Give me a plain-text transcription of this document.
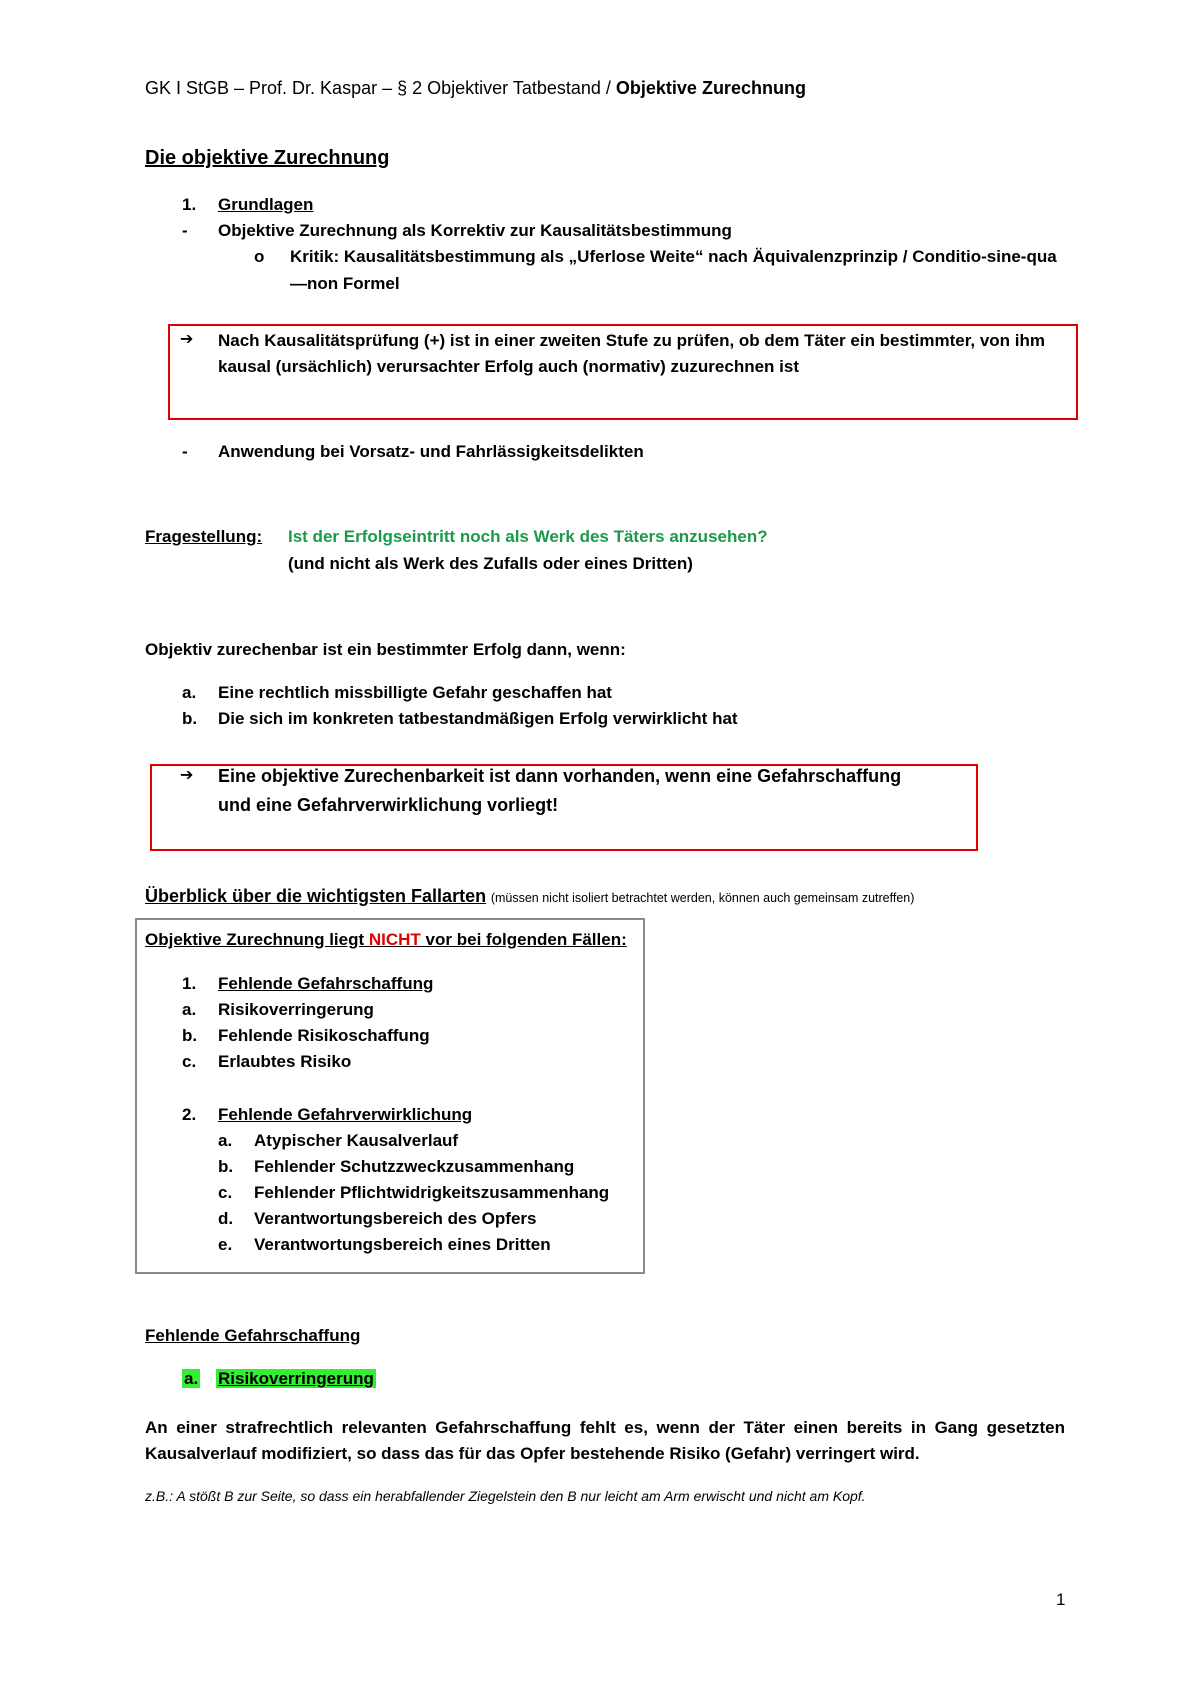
GK I StGB – Prof. Dr. Kaspar – § 2 Objektiver Tatbestand / Objektive Zurechnung
Die objektive Zurechnung
1. Grundlagen
- Objektive Zurechnung als Korrektiv zur Kausalitätsbestimmung
o Kritik: Kausalitätsbestimmung als „Uferlose Weite“ nach Äquivalenzprinzip / Conditio-sine-qua
—non Formel
➔ Nach Kausalitätsprüfung (+) ist in einer zweiten Stufe zu prüfen, ob dem Täter ein bestimmter, von ihm
kausal (ursächlich) verursachter Erfolg auch (normativ) zuzurechnen ist
- Anwendung bei Vorsatz- und Fahrlässigkeitsdelikten
Fragestellung: Ist der Erfolgseintritt noch als Werk des Täters anzusehen?
(und nicht als Werk des Zufalls oder eines Dritten)
Objektiv zurechenbar ist ein bestimmter Erfolg dann, wenn:
a. Eine rechtlich missbilligte Gefahr geschaffen hat
b. Die sich im konkreten tatbestandmäßigen Erfolg verwirklicht hat
➔ Eine objektive Zurechenbarkeit ist dann vorhanden, wenn eine Gefahrschaffung
und eine Gefahrverwirklichung vorliegt!
Überblick über die wichtigsten Fallarten (müssen nicht isoliert betrachtet werden, können auch gemeinsam zutreffen)
Objektive Zurechnung liegt NICHT vor bei folgenden Fällen:
1. Fehlende Gefahrschaffung
a. Risikoverringerung
b. Fehlende Risikoschaffung
c. Erlaubtes Risiko
2. Fehlende Gefahrverwirklichung
a. Atypischer Kausalverlauf
b. Fehlender Schutzzweckzusammenhang
c. Fehlender Pflichtwidrigkeitszusammenhang
d. Verantwortungsbereich des Opfers
e. Verantwortungsbereich eines Dritten
Fehlende Gefahrschaffung
a. Risikoverringerung
An einer strafrechtlich relevanten Gefahrschaffung fehlt es, wenn der Täter einen bereits in Gang gesetzten Kausalverlauf modifiziert, so dass das für das Opfer bestehende Risiko (Gefahr) verringert wird.
z.B.: A stößt B zur Seite, so dass ein herabfallender Ziegelstein den B nur leicht am Arm erwischt und nicht am Kopf.
1
